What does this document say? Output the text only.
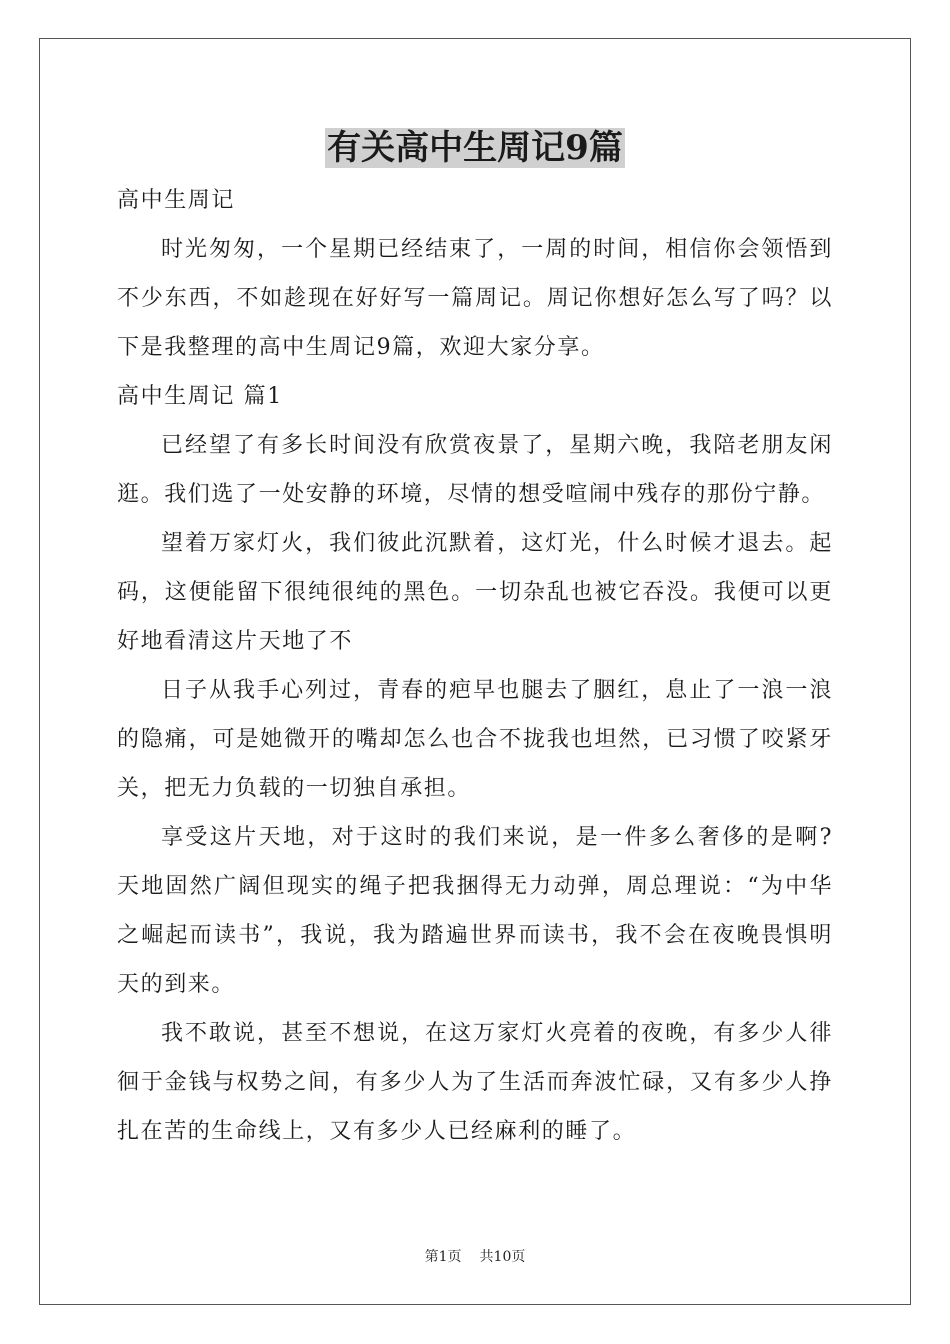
有关高中生周记9篇

高中生周记

时光匆匆，一个星期已经结束了，一周的时间，相信你会领悟到不少东西，不如趁现在好好写一篇周记。周记你想好怎么写了吗？以下是我整理的高中生周记9篇，欢迎大家分享。

高中生周记 篇1

已经望了有多长时间没有欣赏夜景了，星期六晚，我陪老朋友闲逛。我们选了一处安静的环境，尽情的想受喧闹中残存的那份宁静。

望着万家灯火，我们彼此沉默着，这灯光，什么时候才退去。起码，这便能留下很纯很纯的黑色。一切杂乱也被它吞没。我便可以更好地看清这片天地了不

日子从我手心列过，青春的疤早也腿去了胭红，息止了一浪一浪的隐痛，可是她微开的嘴却怎么也合不拢我也坦然，已习惯了咬紧牙关，把无力负载的一切独自承担。

享受这片天地，对于这时的我们来说，是一件多么奢侈的是啊?天地固然广阔但现实的绳子把我捆得无力动弹，周总理说：“为中华之崛起而读书”，我说，我为踏遍世界而读书，我不会在夜晚畏惧明天的到来。

我不敢说，甚至不想说，在这万家灯火亮着的夜晚，有多少人徘徊于金钱与权势之间，有多少人为了生活而奔波忙碌，又有多少人挣扎在苦的生命线上，又有多少人已经麻利的睡了。

第1页 共10页
